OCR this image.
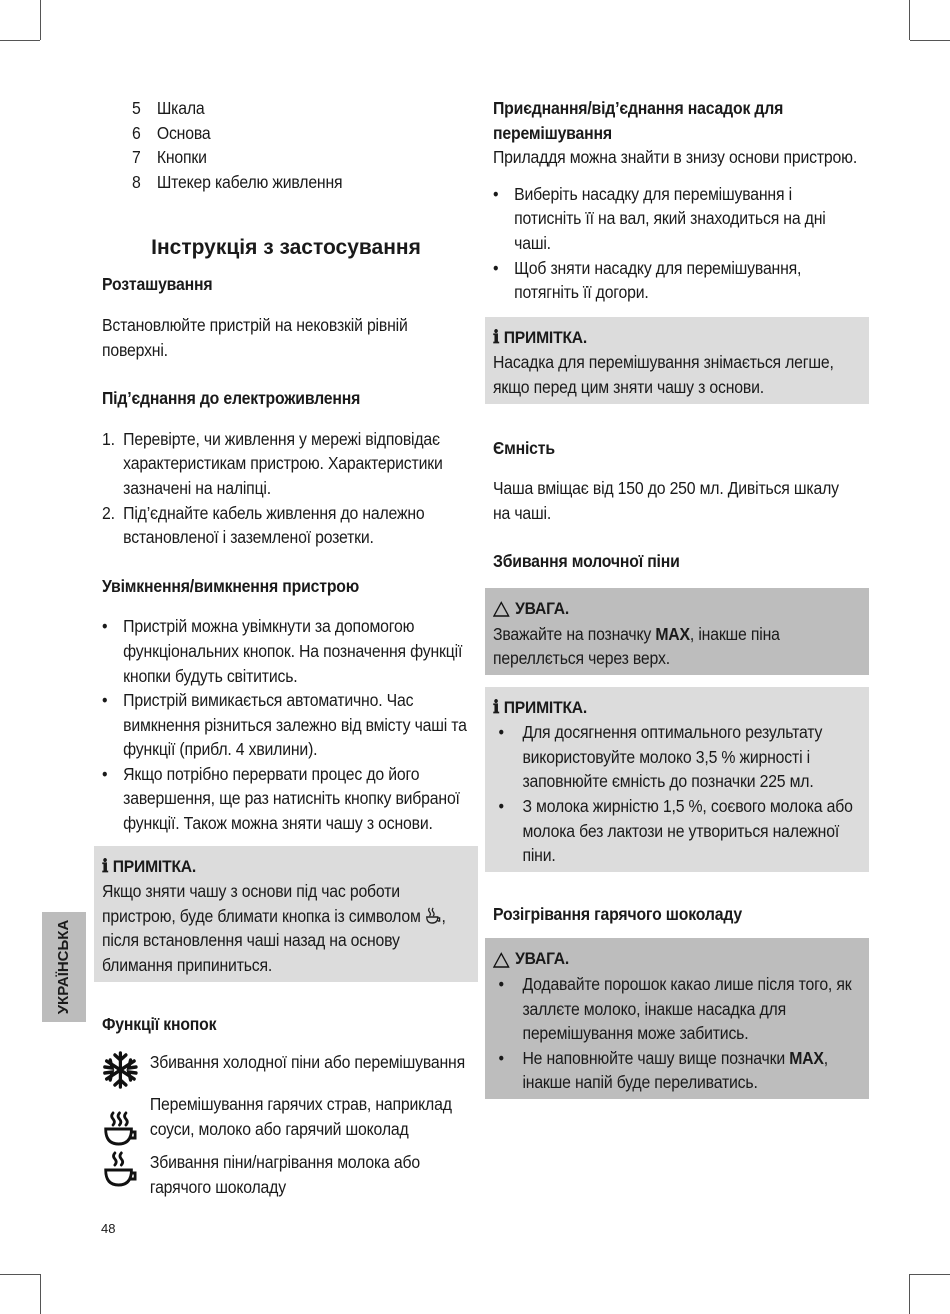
5 Шкала
6 Основа
7 Кнопки
8 Штекер кабелю живлення
Інструкція з застосування
Розташування

Встановлюйте пристрій на нековзкій рівній поверхні.

Під’єднання до електроживлення
1. Перевірте, чи живлення у мережі відповідає характеристикам пристрою. Характеристики зазначені на наліпці.
2. Під’єднайте кабель живлення до належно встановленої і заземленої розетки.
Увімкнення/вимкнення пристрою
• Пристрій можна увімкнути за допомогою функціональних кнопок. На позначення функції кнопки будуть світитись.
• Пристрій вимикається автоматично. Час вимкнення різниться залежно від вмісту чаші та функції (прибл. 4 хвилини).
• Якщо потрібно перервати процес до його завершення, ще раз натисніть кнопку вибраної функції. Також можна зняти чашу з основи.
ℹ ПРИМІТКА.

Якщо зняти чашу з основи під час роботи пристрою, буде блимати кнопка із символом , після встановлення чаші назад на основу блимання припиниться.

Функції кнопок

Збивання холодної піни або перемішування

Перемішування гарячих страв, наприклад соуси, молоко або гарячий шоколад

Збивання піни/нагрівання молока або гарячого шоколаду

Приєднання/від’єднання насадок для перемішування

Приладдя можна знайти в знизу основи пристрою.

• Виберіть насадку для перемішування і потисніть її на вал, який знаходиться на дні чаші.
• Щоб зняти насадку для перемішування, потягніть її догори.
ℹ ПРИМІТКА.

Насадка для перемішування знімається легше, якщо перед цим зняти чашу з основи.

Ємність

Чаша вміщає від 150 до 250 мл. Дивіться шкалу на чаші.

Збивання молочної піни
УВАГА.

Зважайте на позначку MAX, інакше піна переллється через верх.

ℹ ПРИМІТКА.
• Для досягнення оптимального результату використовуйте молоко 3,5 % жирності і заповнюйте ємність до позначки 225 мл.
• З молока жирністю 1,5 %, соєвого молока або молока без лактози не утвориться належної піни.
Розігрівання гарячого шоколаду
УВАГА.
• Додавайте порошок какао лише після того, як заллєте молоко, інакше насадка для перемішування може забитись.
• Не наповнюйте чашу вище позначки MAX, інакше напій буде переливатись.
УКРАЇНСЬКА
48
